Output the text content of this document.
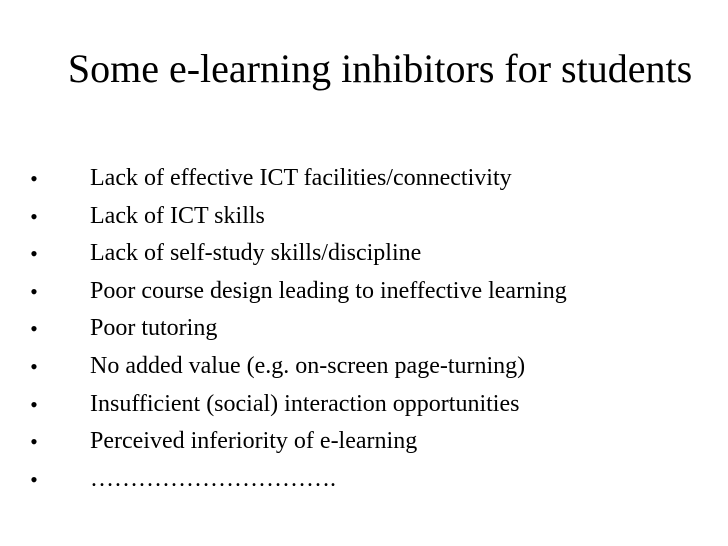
Some e-learning inhibitors for students
• Lack of effective ICT facilities/connectivity
• Lack of ICT skills
• Lack of self-study skills/discipline
• Poor course design leading to ineffective learning
• Poor tutoring
• No added value (e.g. on-screen page-turning)
• Insufficient (social) interaction opportunities
• Perceived inferiority of e-learning
• ………………………….
